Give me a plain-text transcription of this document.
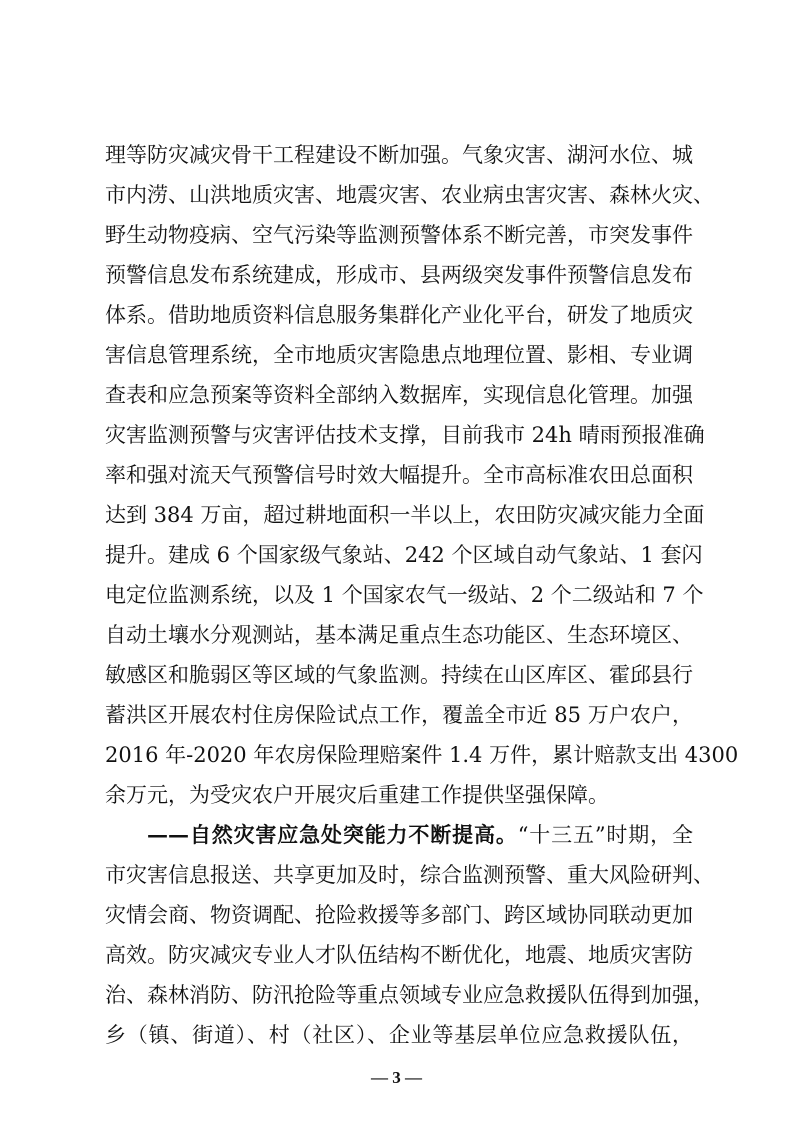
理等防灾减灾骨干工程建设不断加强。气象灾害、湖河水位、城
市内涝、山洪地质灾害、地震灾害、农业病虫害灾害、森林火灾、
野生动物疫病、空气污染等监测预警体系不断完善，市突发事件
预警信息发布系统建成，形成市、县两级突发事件预警信息发布
体系。借助地质资料信息服务集群化产业化平台，研发了地质灾
害信息管理系统，全市地质灾害隐患点地理位置、影相、专业调
查表和应急预案等资料全部纳入数据库，实现信息化管理。加强
灾害监测预警与灾害评估技术支撑，目前我市 24h 晴雨预报准确
率和强对流天气预警信号时效大幅提升。全市高标准农田总面积
达到 384 万亩，超过耕地面积一半以上，农田防灾减灾能力全面
提升。建成 6 个国家级气象站、242 个区域自动气象站、1 套闪
电定位监测系统，以及 1 个国家农气一级站、2 个二级站和 7 个
自动土壤水分观测站，基本满足重点生态功能区、生态环境区、
敏感区和脆弱区等区域的气象监测。持续在山区库区、霍邱县行
蓄洪区开展农村住房保险试点工作，覆盖全市近 85 万户农户，
2016 年-2020 年农房保险理赔案件 1.4 万件，累计赔款支出 4300
余万元，为受灾农户开展灾后重建工作提供坚强保障。
——自然灾害应急处突能力不断提高。“十三五”时期，全
市灾害信息报送、共享更加及时，综合监测预警、重大风险研判、
灾情会商、物资调配、抢险救援等多部门、跨区域协同联动更加
高效。防灾减灾专业人才队伍结构不断优化，地震、地质灾害防
治、森林消防、防汛抢险等重点领域专业应急救援队伍得到加强，
— 3 —
乡（镇、街道）、村（社区）、企业等基层单位应急救援队伍，
